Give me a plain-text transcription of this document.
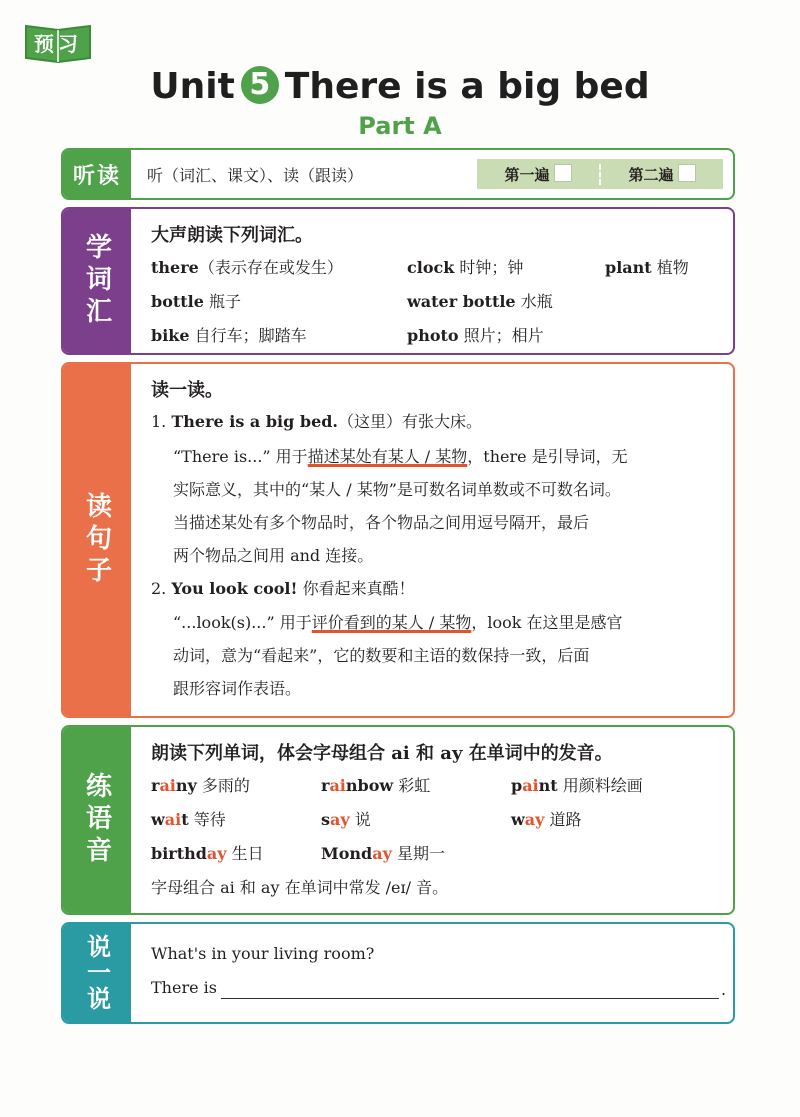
预习
Unit 5 There is a big bed
Part A
听读 听（词汇、课文）、读（跟读）	第一遍	第二遍
学词汇 大声朗读下列词汇。
there（表示存在或发生）	clock 时钟；钟	plant 植物
bottle 瓶子	water bottle 水瓶
bike 自行车；脚踏车	photo 照片；相片
读句子
读一读。
1. There is a big bed.（这里）有张大床。
“There is...” 用于描述某处有某人 / 某物，there 是引导词，无
实际意义，其中的“某人 / 某物”是可数名词单数或不可数名词。
当描述某处有多个物品时，各个物品之间用逗号隔开，最后
两个物品之间用 and 连接。
2. You look cool! 你看起来真酷！
“...look(s)...” 用于评价看到的某人 / 某物，look 在这里是感官
动词，意为“看起来”，它的数要和主语的数保持一致，后面
跟形容词作表语。
练语音
朗读下列单词，体会字母组合 ai 和 ay 在单词中的发音。
rainy 多雨的	rainbow 彩虹	paint 用颜料绘画
wait 等待	say 说	way 道路
birthday 生日	Monday 星期一
字母组合 ai 和 ay 在单词中常发 /eɪ/ 音。
说一说	What's in your living room?
There is	.
